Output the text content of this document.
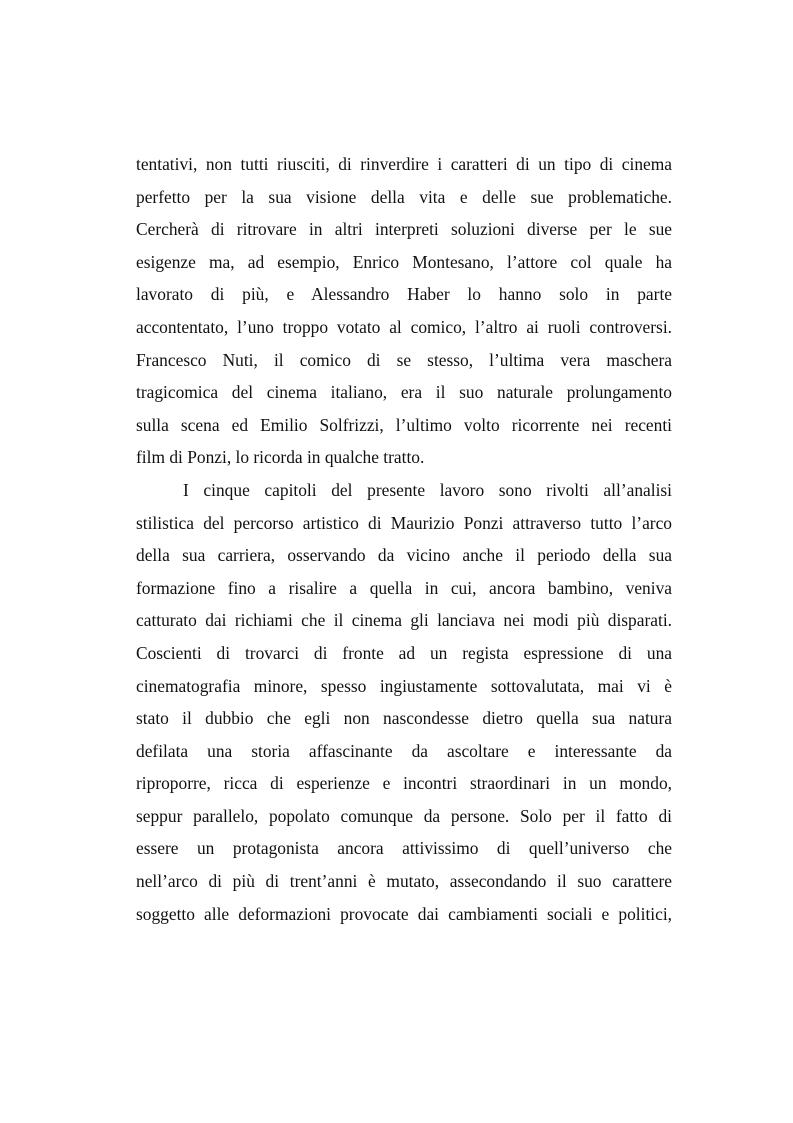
tentativi, non tutti riusciti, di rinverdire i caratteri di un tipo di cinema
perfetto per la sua visione della vita e delle sue problematiche.
Cercherà di ritrovare in altri interpreti soluzioni diverse per le sue
esigenze ma, ad esempio, Enrico Montesano, l’attore col quale ha
lavorato di più, e Alessandro Haber lo hanno solo in parte
accontentato, l’uno troppo votato al comico, l’altro ai ruoli controversi.
Francesco Nuti, il comico di se stesso, l’ultima vera maschera
tragicomica del cinema italiano, era il suo naturale prolungamento
sulla scena ed Emilio Solfrizzi, l’ultimo volto ricorrente nei recenti
film di Ponzi, lo ricorda in qualche tratto.
I cinque capitoli del presente lavoro sono rivolti all’analisi
stilistica del percorso artistico di Maurizio Ponzi attraverso tutto l’arco
della sua carriera, osservando da vicino anche il periodo della sua
formazione fino a risalire a quella in cui, ancora bambino, veniva
catturato dai richiami che il cinema gli lanciava nei modi più disparati.
Coscienti di trovarci di fronte ad un regista espressione di una
cinematografia minore, spesso ingiustamente sottovalutata, mai vi è
stato il dubbio che egli non nascondesse dietro quella sua natura
defilata una storia affascinante da ascoltare e interessante da
riproporre, ricca di esperienze e incontri straordinari in un mondo,
seppur parallelo, popolato comunque da persone. Solo per il fatto di
essere un protagonista ancora attivissimo di quell’universo che
nell’arco di più di trent’anni è mutato, assecondando il suo carattere
soggetto alle deformazioni provocate dai cambiamenti sociali e politici,
